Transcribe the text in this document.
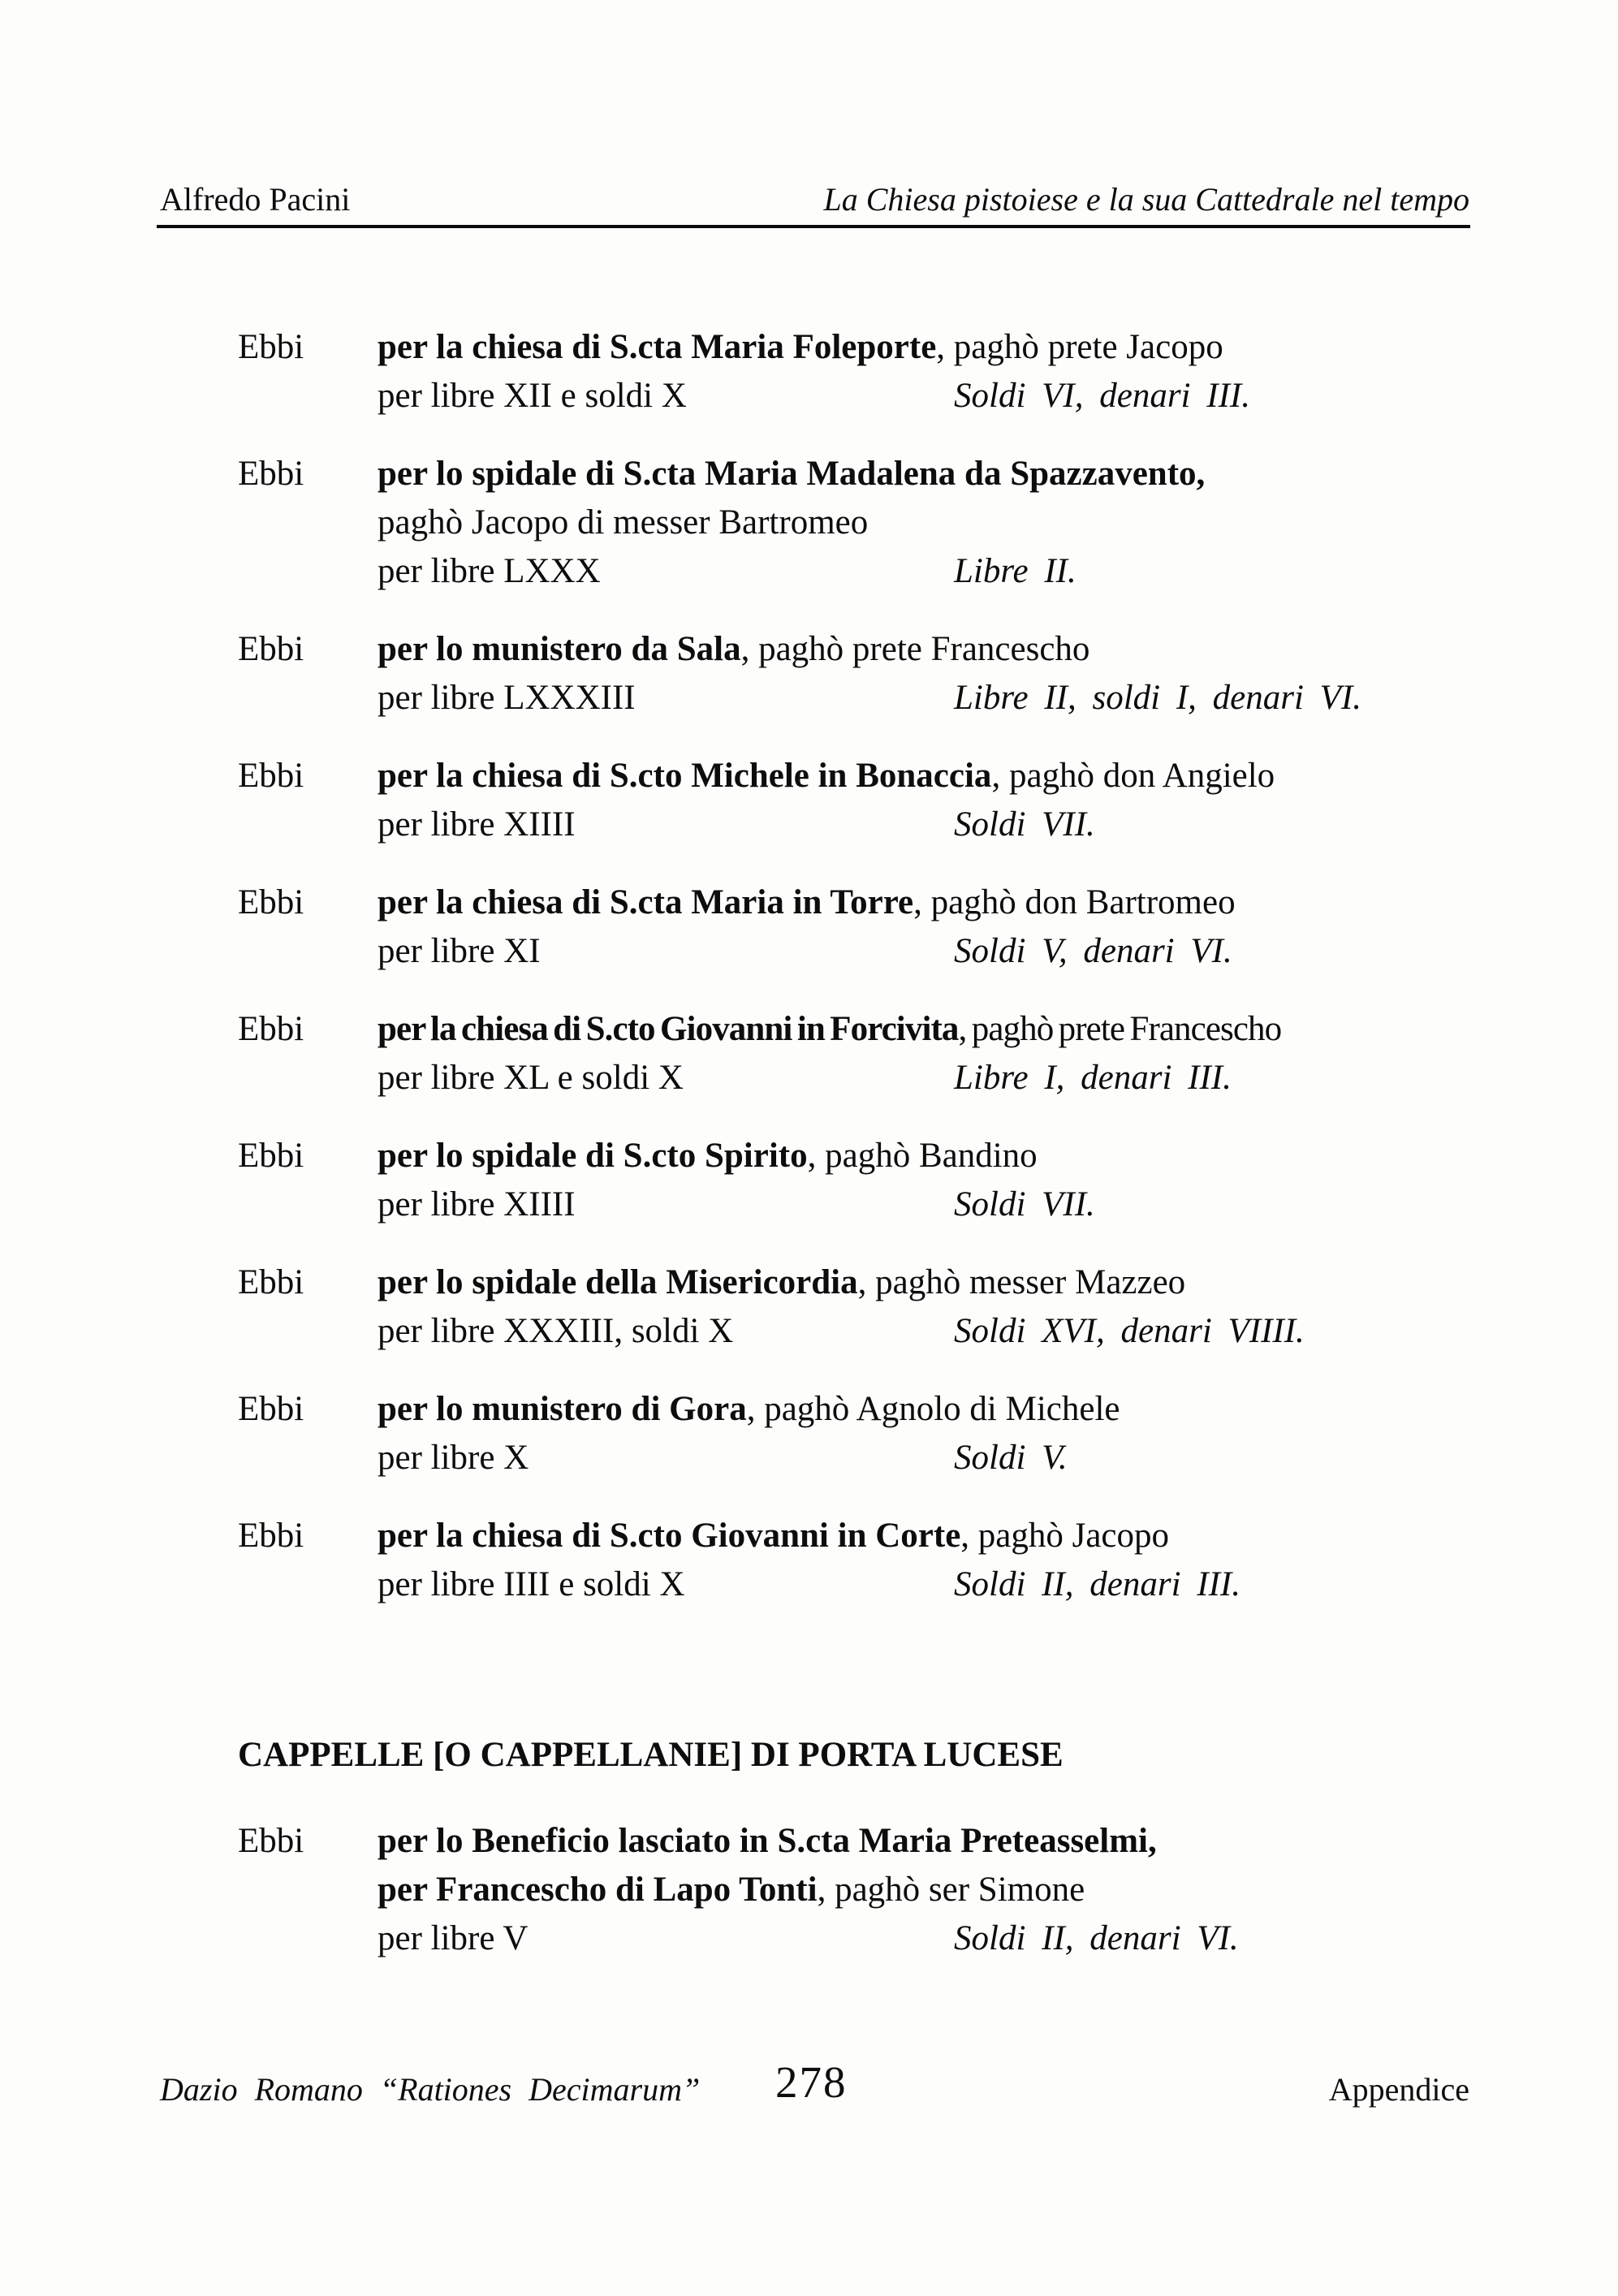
Alfredo Pacini	La Chiesa pistoiese e la sua Cattedrale nel tempo
Ebbi	per la chiesa di S.cta Maria Foleporte, paghò prete Jacopo
per libre XII e soldi X	Soldi VI, denari III.
Ebbi	per lo spidale di S.cta Maria Madalena da Spazzavento,
paghò Jacopo di messer Bartromeo
per libre LXXX	Libre II.
Ebbi	per lo munistero da Sala, paghò prete Francescho
per libre LXXXIII	Libre II, soldi I, denari VI.
Ebbi	per la chiesa di S.cto Michele in Bonaccia, paghò don Angielo
per libre XIIII	Soldi VII.
Ebbi	per la chiesa di S.cta Maria in Torre, paghò don Bartromeo
per libre XI	Soldi V, denari VI.
Ebbi	per la chiesa di S.cto Giovanni in Forcivita, paghò prete Francescho
per libre XL e soldi X	Libre I, denari III.
Ebbi	per lo spidale di S.cto Spirito, paghò Bandino
per libre XIIII	Soldi VII.
Ebbi	per lo spidale della Misericordia, paghò messer Mazzeo
per libre XXXIII, soldi X	Soldi XVI, denari VIIII.
Ebbi	per lo munistero di Gora, paghò Agnolo di Michele
per libre X	Soldi V.
Ebbi	per la chiesa di S.cto Giovanni in Corte, paghò Jacopo
per libre IIII e soldi X	Soldi II, denari III.
CAPPELLE [O CAPPELLANIE] DI PORTA LUCESE
Ebbi	per lo Beneficio lasciato in S.cta Maria Preteasselmi,
per Francescho di Lapo Tonti, paghò ser Simone
per libre V	Soldi II, denari VI.
Dazio Romano “Rationes Decimarum” 278	Appendice
